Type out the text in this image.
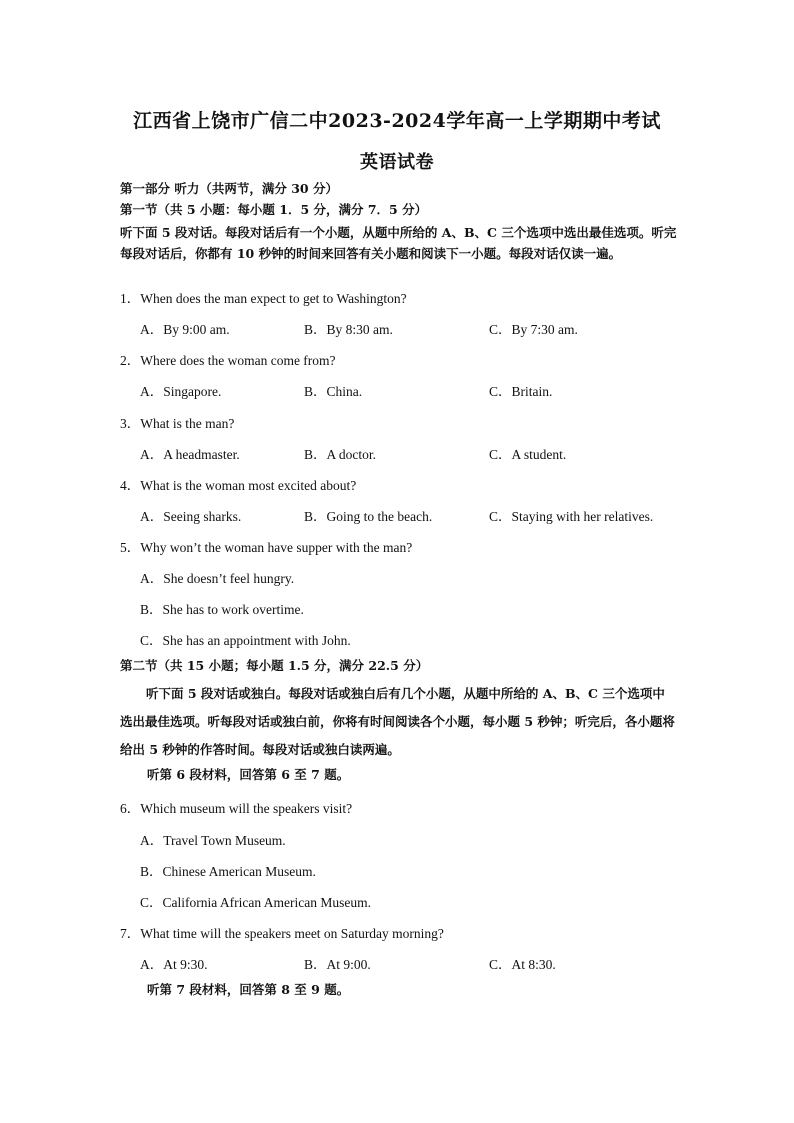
江西省上饶市广信二中2023-2024学年高一上学期期中考试
英语试卷
第一部分 听力（共两节，满分 30 分）
第一节（共 5 小题：每小题 1．5 分，满分 7．5 分）
听下面 5 段对话。每段对话后有一个小题，从题中所给的 A、B、C 三个选项中选出最佳选项。听完每段对话后，你都有 10 秒钟的时间来回答有关小题和阅读下一小题。每段对话仅读一遍。
1．When does the man expect to get to Washington?
A．By 9:00 am.	B．By 8:30 am.	C．By 7:30 am.
2．Where does the woman come from?
A．Singapore.	B．China.	C．Britain.
3．What is the man?
A．A headmaster.	B．A doctor.	C．A student.
4．What is the woman most excited about?
A．Seeing sharks.	B．Going to the beach.	C．Staying with her relatives.
5．Why won’t the woman have supper with the man?
A．She doesn’t feel hungry.
B．She has to work overtime.
C．She has an appointment with John.
第二节（共 15 小题；每小题 1.5 分，满分 22.5 分）
听下面 5 段对话或独白。每段对话或独白后有几个小题，从题中所给的 A、B、C 三个选项中选出最佳选项。听每段对话或独白前，你将有时间阅读各个小题，每小题 5 秒钟；听完后，各小题将给出 5 秒钟的作答时间。每段对话或独白读两遍。
听第 6 段材料，回答第 6 至 7 题。
6．Which museum will the speakers visit?
A．Travel Town Museum.
B．Chinese American Museum.
C．California African American Museum.
7．What time will the speakers meet on Saturday morning?
A．At 9:30.	B．At 9:00.	C．At 8:30.
听第 7 段材料，回答第 8 至 9 题。
